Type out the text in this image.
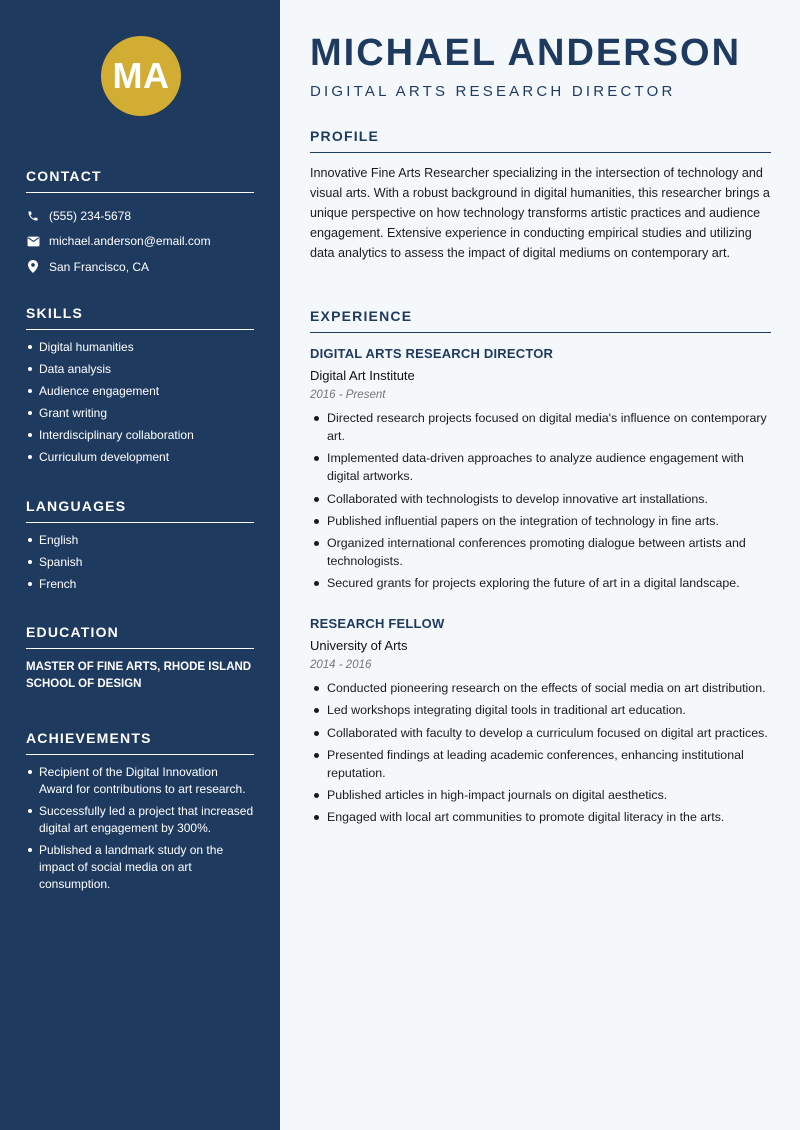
MA
CONTACT
(555) 234-5678
michael.anderson@email.com
San Francisco, CA
SKILLS
Digital humanities
Data analysis
Audience engagement
Grant writing
Interdisciplinary collaboration
Curriculum development
LANGUAGES
English
Spanish
French
EDUCATION

MASTER OF FINE ARTS, RHODE ISLAND SCHOOL OF DESIGN

ACHIEVEMENTS
Recipient of the Digital Innovation Award for contributions to art research.
Successfully led a project that increased digital art engagement by 300%.
Published a landmark study on the impact of social media on art consumption.
MICHAEL ANDERSON
DIGITAL ARTS RESEARCH DIRECTOR
PROFILE

Innovative Fine Arts Researcher specializing in the intersection of technology and visual arts. With a robust background in digital humanities, this researcher brings a unique perspective on how technology transforms artistic practices and audience engagement. Extensive experience in conducting empirical studies and utilizing data analytics to assess the impact of digital mediums on contemporary art.

EXPERIENCE
DIGITAL ARTS RESEARCH DIRECTOR
Digital Art Institute
2016 - Present
Directed research projects focused on digital media's influence on contemporary art.
Implemented data-driven approaches to analyze audience engagement with digital artworks.
Collaborated with technologists to develop innovative art installations.
Published influential papers on the integration of technology in fine arts.
Organized international conferences promoting dialogue between artists and technologists.
Secured grants for projects exploring the future of art in a digital landscape.
RESEARCH FELLOW
University of Arts
2014 - 2016
Conducted pioneering research on the effects of social media on art distribution.
Led workshops integrating digital tools in traditional art education.
Collaborated with faculty to develop a curriculum focused on digital art practices.
Presented findings at leading academic conferences, enhancing institutional reputation.
Published articles in high-impact journals on digital aesthetics.
Engaged with local art communities to promote digital literacy in the arts.
